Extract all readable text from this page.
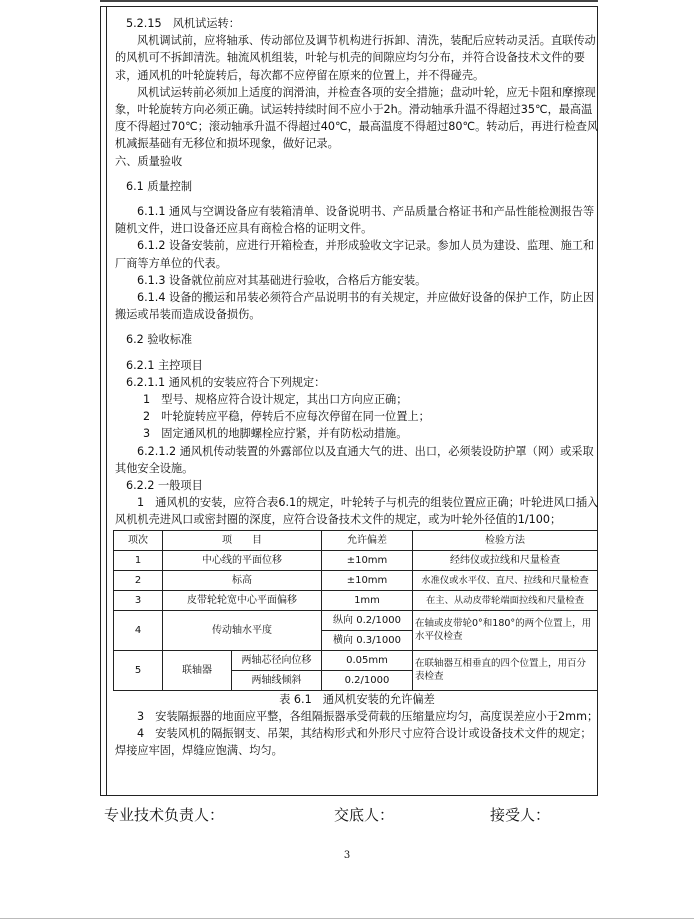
5.2.15　风机试运转：

风机调试前，应将轴承、传动部位及调节机构进行拆卸、清洗，装配后应转动灵活。直联传动的风机可不拆卸清洗。轴流风机组装，叶轮与机壳的间隙应均匀分布，并符合设备技术文件的要求，通风机的叶轮旋转后，每次都不应停留在原来的位置上，并不得碰壳。

风机试运转前必须加上适度的润滑油，并检查各项的安全措施；盘动叶轮，应无卡阻和摩擦现象，叶轮旋转方向必须正确。试运转持续时间不应小于2h。滑动轴承升温不得超过35℃，最高温度不得超过70℃；滚动轴承升温不得超过40℃，最高温度不得超过80℃。转动后，再进行检查风机减振基础有无移位和损坏现象，做好记录。

六、质量验收

6.1 质量控制

6.1.1 通风与空调设备应有装箱清单、设备说明书、产品质量合格证书和产品性能检测报告等随机文件，进口设备还应具有商检合格的证明文件。

6.1.2 设备安装前，应进行开箱检查，并形成验收文字记录。参加人员为建设、监理、施工和厂商等方单位的代表。

6.1.3 设备就位前应对其基础进行验收，合格后方能安装。

6.1.4 设备的搬运和吊装必须符合产品说明书的有关规定，并应做好设备的保护工作，防止因搬运或吊装而造成设备损伤。

6.2 验收标准

6.2.1 主控项目

6.2.1.1 通风机的安装应符合下列规定：

1　型号、规格应符合设计规定，其出口方向应正确；

2　叶轮旋转应平稳，停转后不应每次停留在同一位置上；

3　固定通风机的地脚螺栓应拧紧，并有防松动措施。

6.2.1.2 通风机传动装置的外露部位以及直通大气的进、出口，必须装设防护罩（网）或采取其他安全设施。

6.2.2 一般项目

1　通风机的安装，应符合表6.1的规定，叶轮转子与机壳的组装位置应正确；叶轮进风口插入风机机壳进风口或密封圈的深度，应符合设备技术文件的规定，或为叶轮外径值的1/100；

项次	项　　目		允许偏差	检验方法
1	中心线的平面位移		±10mm	经纬仪或拉线和尺量检查
2	标高		±10mm	水准仪或水平仪、直尺、拉线和尺量检查
3	皮带轮轮宽中心平面偏移		1mm	在主、从动皮带轮端面拉线和尺量检查
4	传动轴水平度		纵向 0.2/1000	在轴或皮带轮0°和180°的两个位置上，用水平仪检查
			横向 0.3/1000	
5	联轴器	两轴芯径向位移	0.05mm	在联轴器互相垂直的四个位置上，用百分表检查
		两轴线倾斜	0.2/1000	

表 6.1　通风机安装的允许偏差

3　安装隔振器的地面应平整，各组隔振器承受荷载的压缩量应均匀，高度误差应小于2mm；

4　安装风机的隔振钢支、吊架，其结构形式和外形尺寸应符合设计或设备技术文件的规定；焊接应牢固，焊缝应饱满、均匀。

专业技术负责人：	交底人：	接受人：
3
